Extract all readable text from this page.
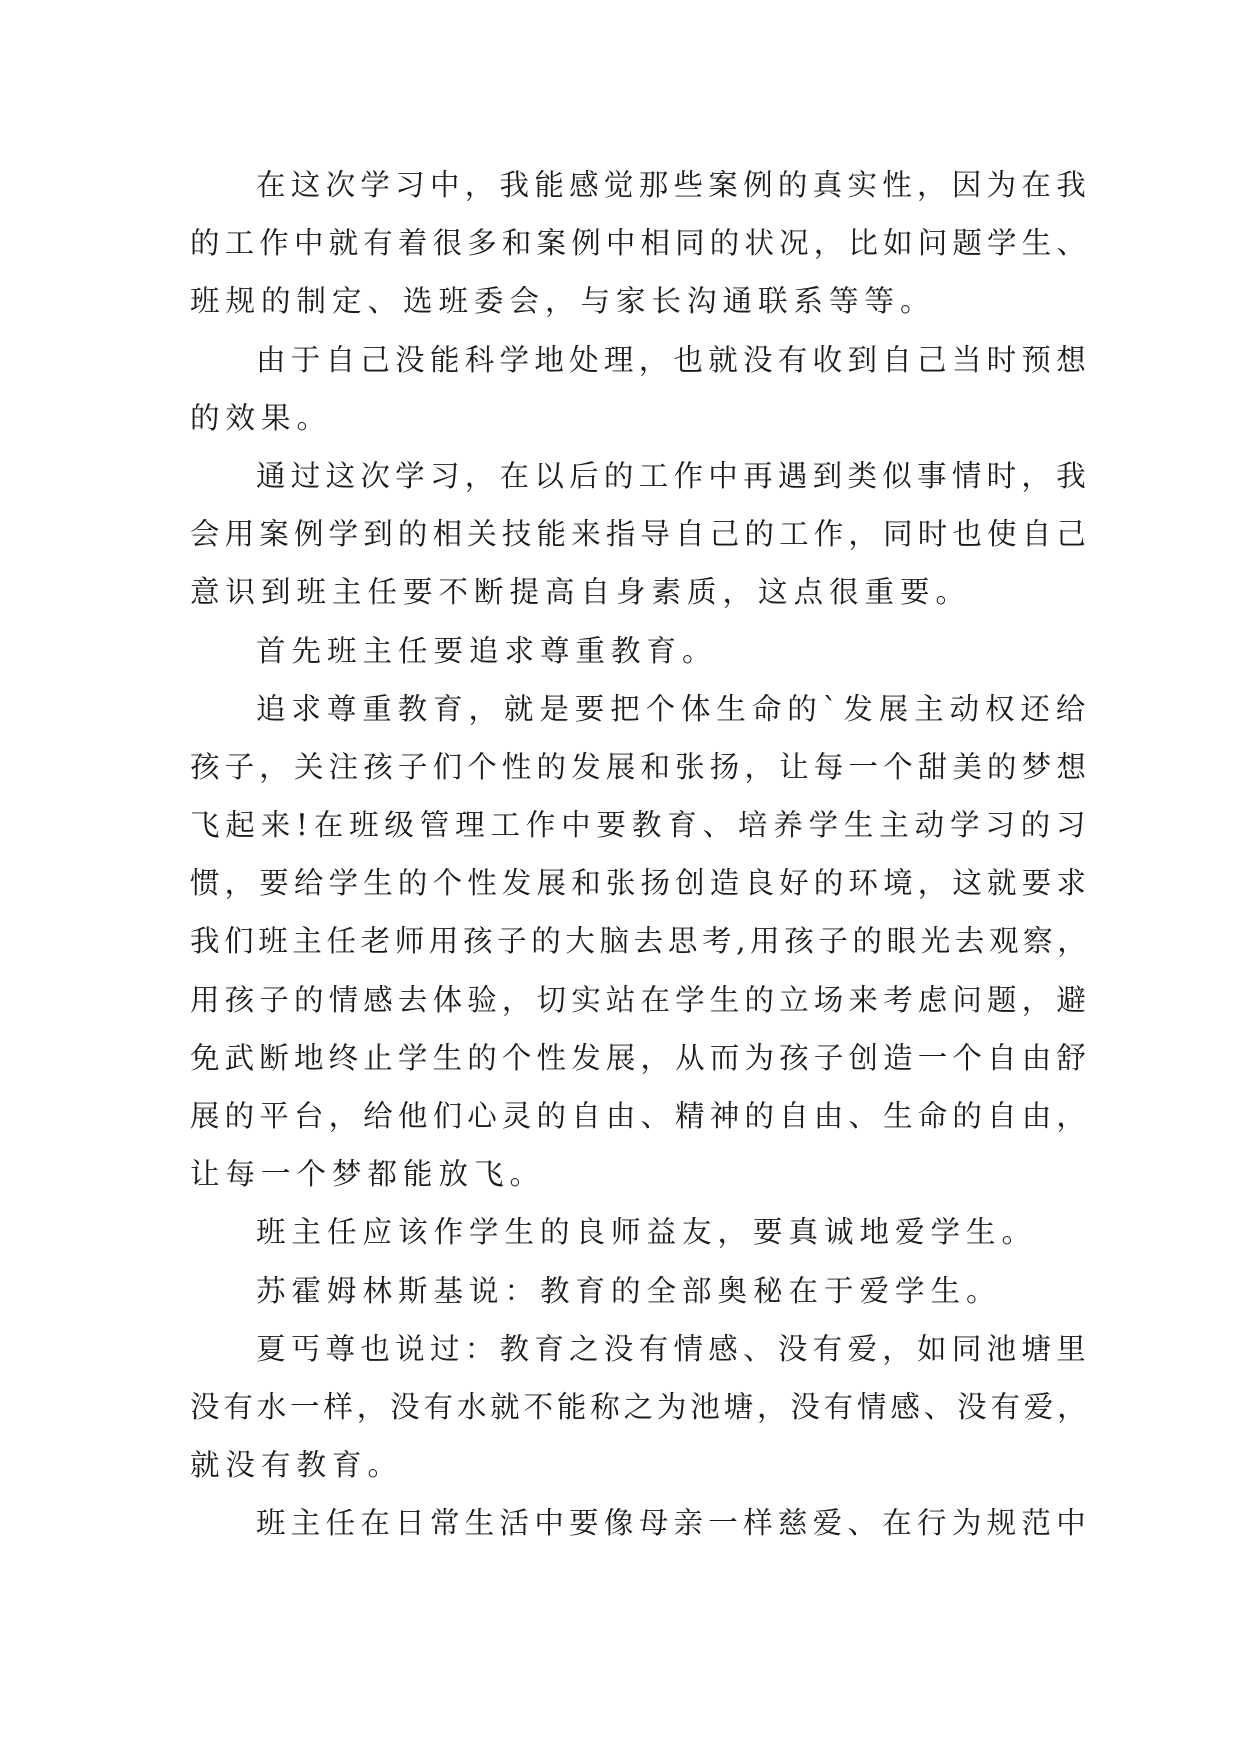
在这次学习中，我能感觉那些案例的真实性，因为在我
的工作中就有着很多和案例中相同的状况，比如问题学生、
班规的制定、选班委会，与家长沟通联系等等。
由于自己没能科学地处理，也就没有收到自己当时预想
的效果。
通过这次学习，在以后的工作中再遇到类似事情时，我
会用案例学到的相关技能来指导自己的工作，同时也使自己
意识到班主任要不断提高自身素质，这点很重要。
首先班主任要追求尊重教育。
追求尊重教育，就是要把个体生命的`发展主动权还给
孩子，关注孩子们个性的发展和张扬，让每一个甜美的梦想
飞起来!在班级管理工作中要教育、培养学生主动学习的习
惯，要给学生的个性发展和张扬创造良好的环境，这就要求
我们班主任老师用孩子的大脑去思考,用孩子的眼光去观察，
用孩子的情感去体验，切实站在学生的立场来考虑问题，避
免武断地终止学生的个性发展，从而为孩子创造一个自由舒
展的平台，给他们心灵的自由、精神的自由、生命的自由，
让每一个梦都能放飞。
班主任应该作学生的良师益友，要真诚地爱学生。
苏霍姆林斯基说：教育的全部奥秘在于爱学生。
夏丐尊也说过：教育之没有情感、没有爱，如同池塘里
没有水一样，没有水就不能称之为池塘，没有情感、没有爱，
就没有教育。
班主任在日常生活中要像母亲一样慈爱、在行为规范中
